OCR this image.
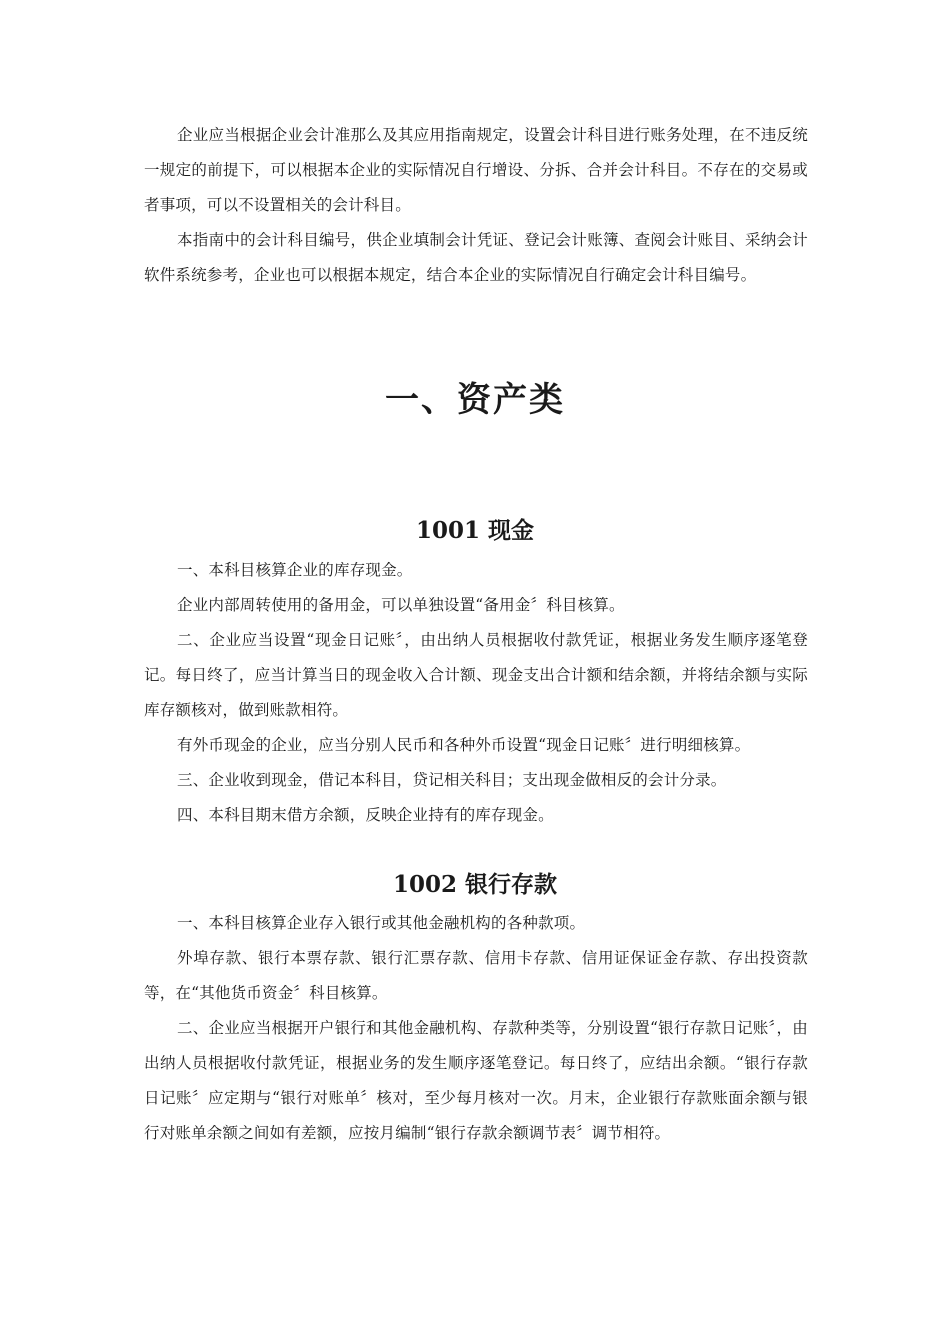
企业应当根据企业会计准那么及其应用指南规定，设置会计科目进行账务处理，在不违反统一规定的前提下，可以根据本企业的实际情况自行增设、分拆、合并会计科目。不存在的交易或者事项，可以不设置相关的会计科目。

本指南中的会计科目编号，供企业填制会计凭证、登记会计账簿、查阅会计账目、采纳会计软件系统参考，企业也可以根据本规定，结合本企业的实际情况自行确定会计科目编号。

一、资产类
1001 现金

一、本科目核算企业的库存现金。

企业内部周转使用的备用金，可以单独设置“备用金〞科目核算。

二、企业应当设置“现金日记账〞，由出纳人员根据收付款凭证，根据业务发生顺序逐笔登记。每日终了，应当计算当日的现金收入合计额、现金支出合计额和结余额，并将结余额与实际库存额核对，做到账款相符。

有外币现金的企业，应当分别人民币和各种外币设置“现金日记账〞进行明细核算。

三、企业收到现金，借记本科目，贷记相关科目；支出现金做相反的会计分录。

四、本科目期末借方余额，反映企业持有的库存现金。

1002 银行存款

一、本科目核算企业存入银行或其他金融机构的各种款项。

外埠存款、银行本票存款、银行汇票存款、信用卡存款、信用证保证金存款、存出投资款等，在“其他货币资金〞科目核算。

二、企业应当根据开户银行和其他金融机构、存款种类等，分别设置“银行存款日记账〞，由出纳人员根据收付款凭证，根据业务的发生顺序逐笔登记。每日终了，应结出余额。“银行存款日记账〞应定期与“银行对账单〞核对，至少每月核对一次。月末，企业银行存款账面余额与银行对账单余额之间如有差额，应按月编制“银行存款余额调节表〞调节相符。
